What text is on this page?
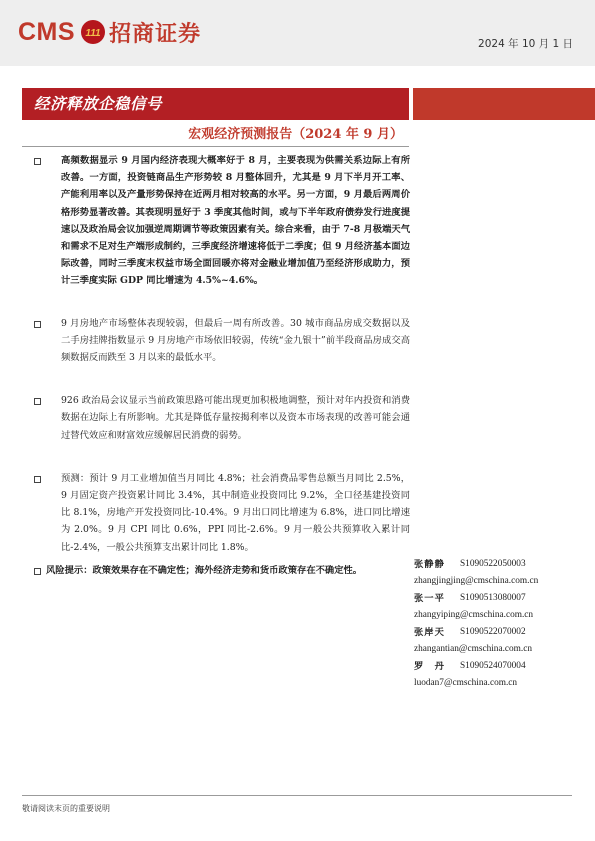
CMS 111 招商证券	2024 年 10 月 1 日
经济释放企稳信号
宏观经济预测报告（2024 年 9 月）

高频数据显示 9 月国内经济表现大概率好于 8 月，主要表现为供需关系边际上有所改善。一方面，投资链商品生产形势较 8 月整体回升，尤其是 9 月下半月开工率、产能利用率以及产量形势保持在近两月相对较高的水平。另一方面，9 月最后两周价格形势显著改善。其表现明显好于 3 季度其他时间，或与下半年政府债券发行进度提速以及政治局会议加强逆周期调节等政策因素有关。综合来看，由于 7-8 月极端天气和需求不足对生产端形成制约，三季度经济增速将低于二季度；但 9 月经济基本面边际改善，同时三季度末权益市场全面回暖亦将对金融业增加值乃至经济形成助力，预计三季度实际 GDP 同比增速为 4.5%~4.6%。

9 月房地产市场整体表现较弱，但最后一周有所改善。30 城市商品房成交数据以及二手房挂牌指数显示 9 月房地产市场依旧较弱，传统“金九银十”前半段商品房成交高频数据反而跌至 3 月以来的最低水平。

926 政治局会议显示当前政策思路可能出现更加积极地调整，预计对年内投资和消费数据在边际上有所影响。尤其是降低存量按揭利率以及资本市场表现的改善可能会通过替代效应和财富效应缓解居民消费的弱势。

预测：预计 9 月工业增加值当月同比 4.8%；社会消费品零售总额当月同比 2.5%，9 月固定资产投资累计同比 3.4%，其中制造业投资同比 9.2%，全口径基建投资同比 8.1%，房地产开发投资同比-10.4%。9 月出口同比增速为 6.8%，进口同比增速为 2.0%。9 月 CPI 同比 0.6%，PPI 同比-2.6%。9 月一般公共预算收入累计同比-2.4%，一般公共预算支出累计同比 1.8%。

风险提示：政策效果存在不确定性；海外经济走势和货币政策存在不确定性。
张静静	S1090522050003
zhangjingjing@cmschina.com.cn
张一平	S1090513080007
zhangyiping@cmschina.com.cn
张岸天	S1090522070002
zhangantian@cmschina.com.cn
罗　丹	S1090524070004
luodan7@cmschina.com.cn
敬请阅读末页的重要说明
